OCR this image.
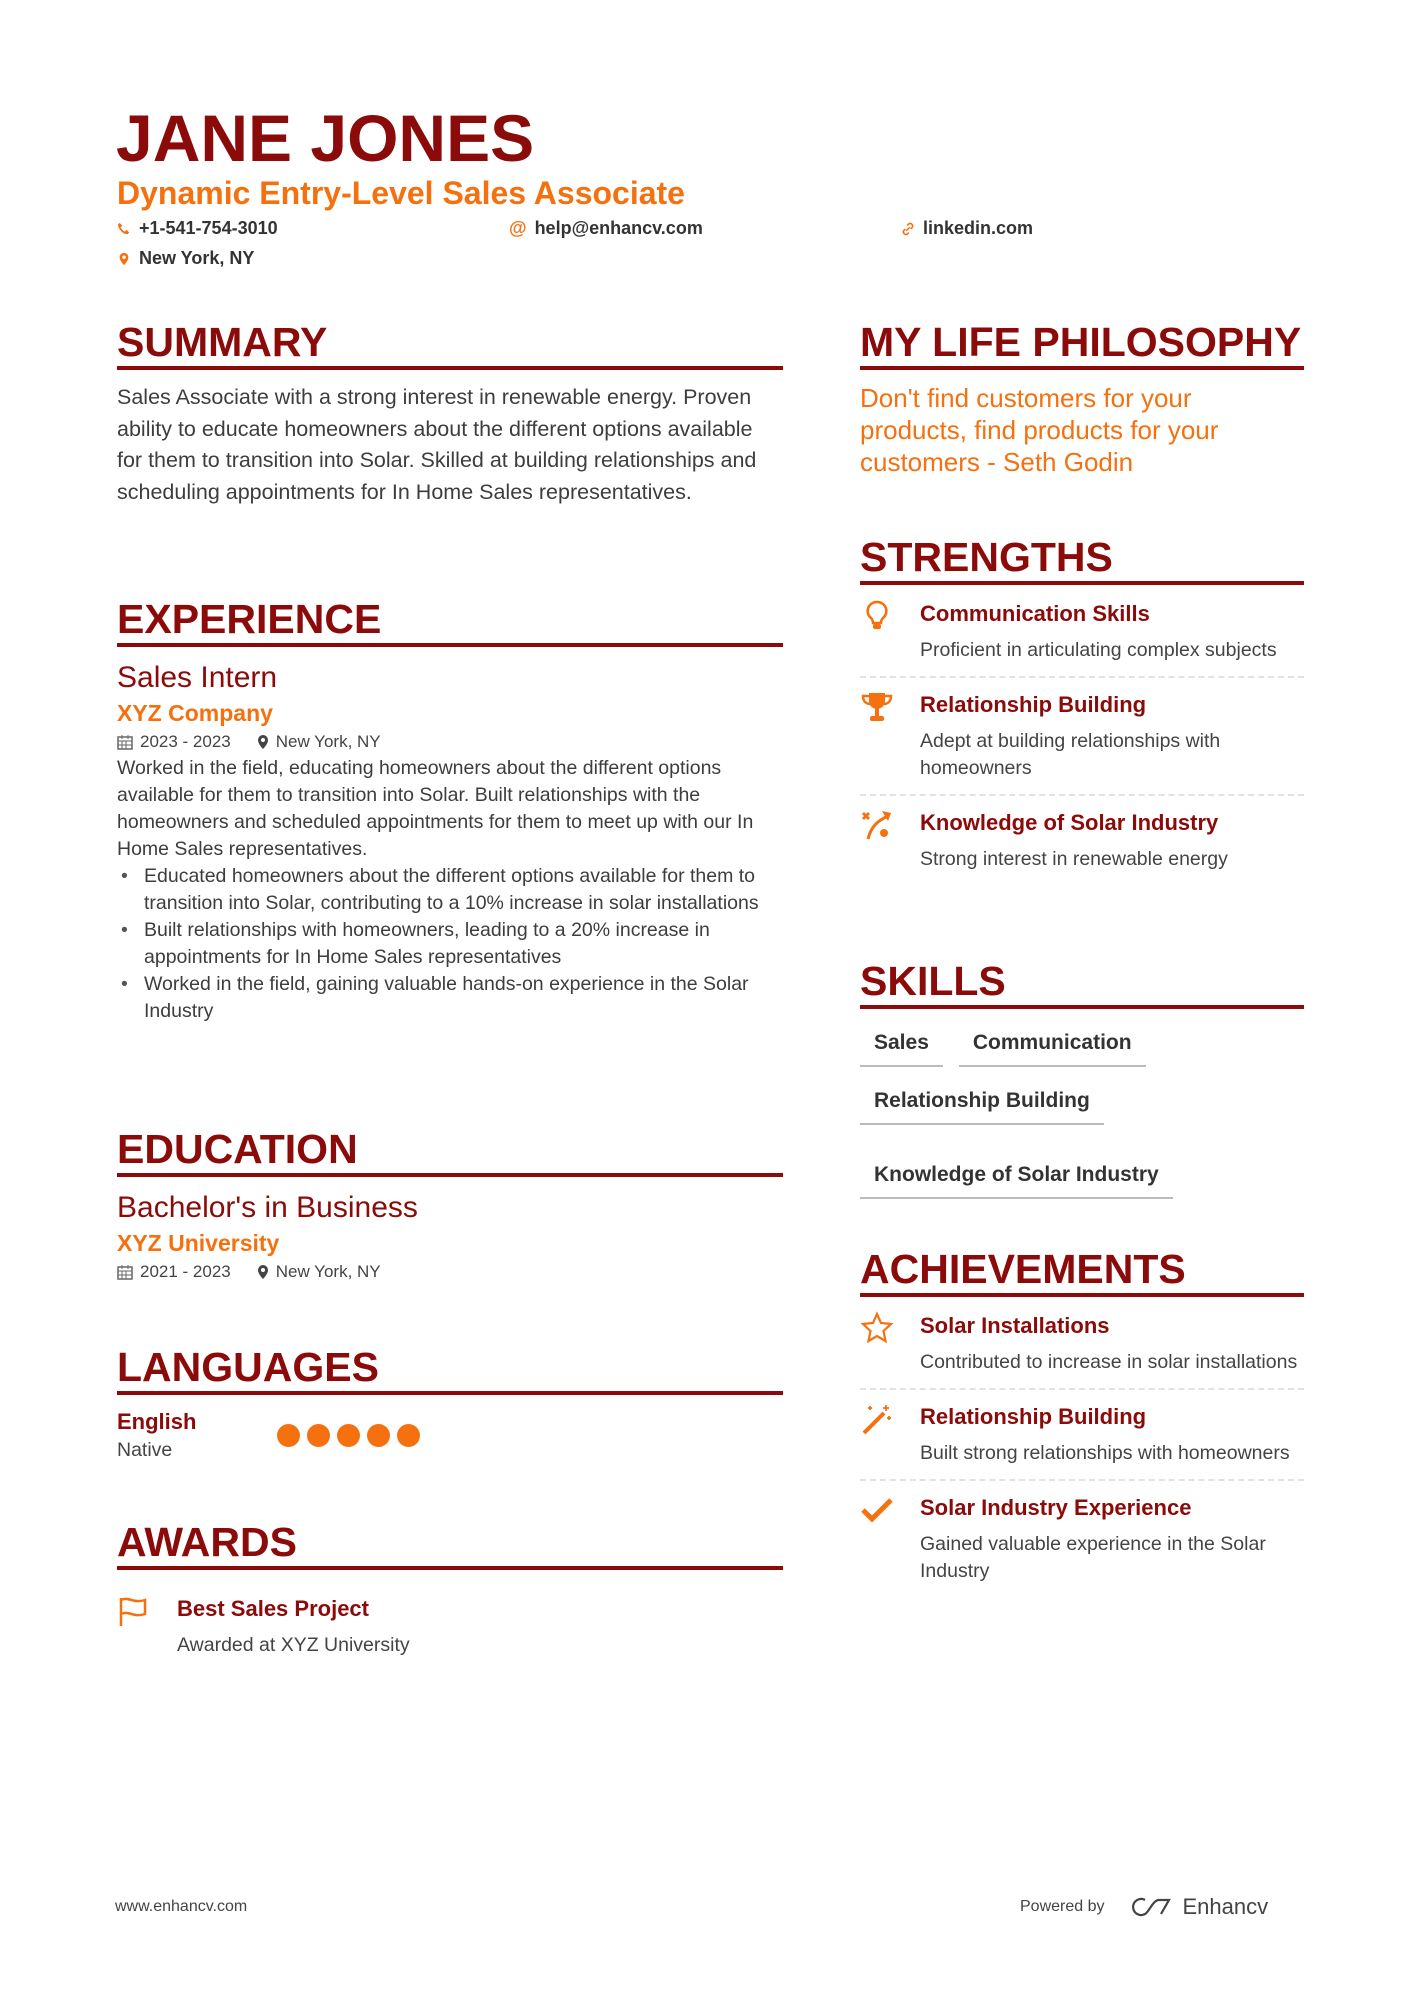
JANE JONES
Dynamic Entry-Level Sales Associate
+1-541-754-3010	@ help@enhancv.com	linkedin.com
New York, NY
SUMMARY
Sales Associate with a strong interest in renewable energy. Proven ability to educate homeowners about the different options available for them to transition into Solar. Skilled at building relationships and scheduling appointments for In Home Sales representatives.
EXPERIENCE
Sales Intern
XYZ Company
2023 - 2023	New York, NY
Worked in the field, educating homeowners about the different options available for them to transition into Solar. Built relationships with the homeowners and scheduled appointments for them to meet up with our In Home Sales representatives.
• Educated homeowners about the different options available for them to transition into Solar, contributing to a 10% increase in solar installations
• Built relationships with homeowners, leading to a 20% increase in appointments for In Home Sales representatives
• Worked in the field, gaining valuable hands-on experience in the Solar Industry
EDUCATION
Bachelor's in Business
XYZ University
2021 - 2023	New York, NY
LANGUAGES
English
Native
AWARDS
Best Sales Project
Awarded at XYZ University
MY LIFE PHILOSOPHY
Don't find customers for your products, find products for your customers - Seth Godin
STRENGTHS
Communication Skills
Proficient in articulating complex subjects
Relationship Building
Adept at building relationships with homeowners
Knowledge of Solar Industry
Strong interest in renewable energy
SKILLS
Sales	Communication
Relationship Building
Knowledge of Solar Industry
ACHIEVEMENTS
Solar Installations
Contributed to increase in solar installations
Relationship Building
Built strong relationships with homeowners
Solar Industry Experience
Gained valuable experience in the Solar Industry
www.enhancv.com	Powered by	Enhancv
